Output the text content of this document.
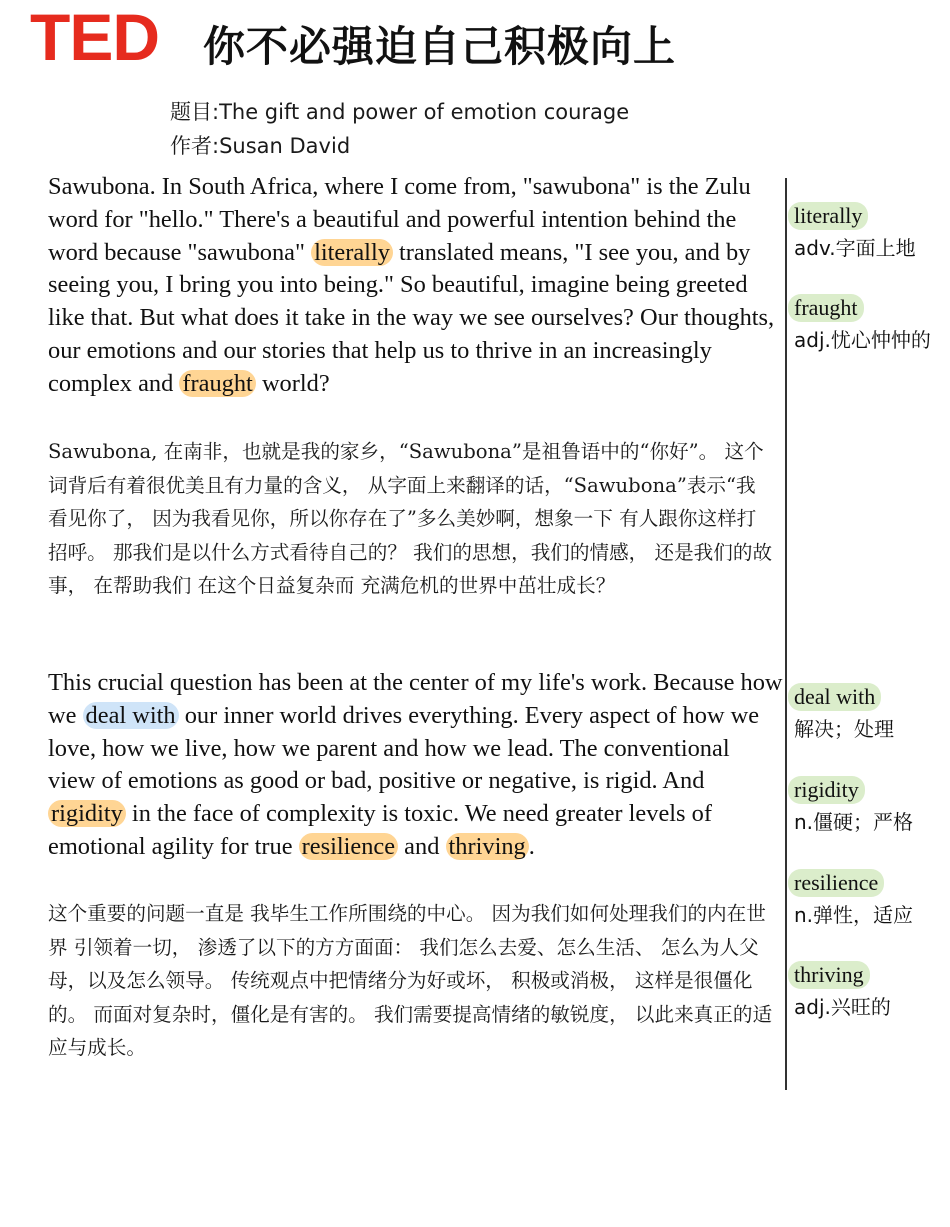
TED 你不必强迫自己积极向上
题目:The gift and power of emotion courage
作者:Susan David
Sawubona. In South Africa, where I come from, "sawubona" is the Zulu word for "hello." There's a beautiful and powerful intention behind the word because "sawubona" literally translated means, "I see you, and by seeing you, I bring you into being." So beautiful, imagine being greeted like that. But what does it take in the way we see ourselves? Our thoughts, our emotions and our stories that help us to thrive in an increasingly complex and fraught world?
Sawubona, 在南非，也就是我的家乡，“Sawubona”是祖鲁语中的“你好”。 这个词背后有着很优美且有力量的含义， 从字面上来翻译的话，“Sawubona”表示“我看见你了， 因为我看见你，所以你存在了”多么美妙啊，想象一下 有人跟你这样打招呼。 那我们是以什么方式看待自己的？ 我们的思想，我们的情感， 还是我们的故事， 在帮助我们 在这个日益复杂而 充满危机的世界中茁壮成长？
This crucial question has been at the center of my life's work. Because how we deal with our inner world drives everything. Every aspect of how we love, how we live, how we parent and how we lead. The conventional view of emotions as good or bad, positive or negative, is rigid. And rigidity in the face of complexity is toxic. We need greater levels of emotional agility for true resilience and thriving .
这个重要的问题一直是 我毕生工作所围绕的中心。 因为我们如何处理我们的内在世界 引领着一切， 渗透了以下的方方面面： 我们怎么去爱、怎么生活、 怎么为人父母，以及怎么领导。 传统观点中把情绪分为好或坏， 积极或消极， 这样是很僵化的。 而面对复杂时，僵化是有害的。 我们需要提高情绪的敏锐度， 以此来真正的适应与成长。
literally
adv.字面上地
fraught
adj.忧心忡忡的
deal with
解决；处理
rigidity
n.僵硬；严格
resilience
n.弹性，适应
thriving
adj.兴旺的
